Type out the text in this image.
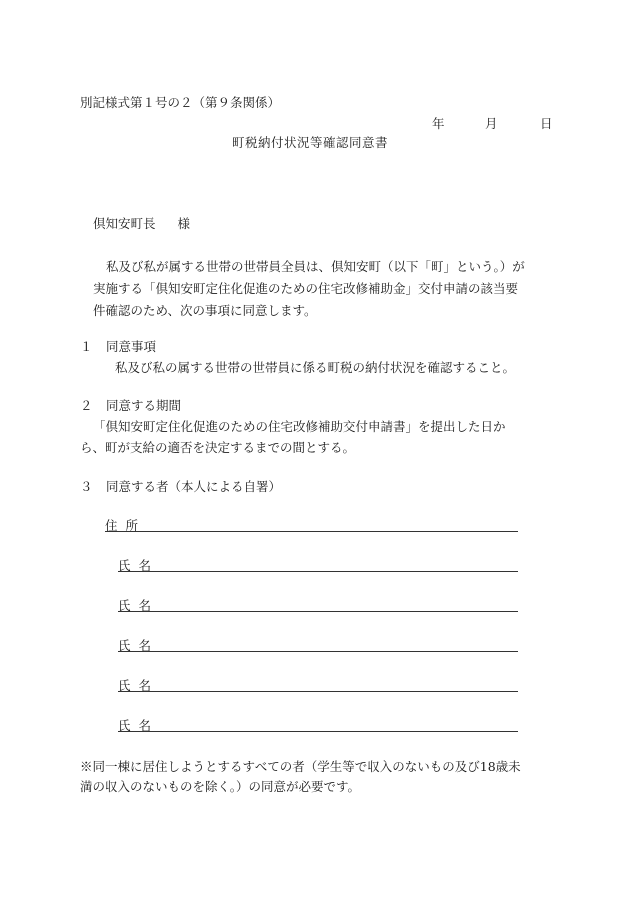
別記様式第１号の２（第９条関係）
年	月	日
町税納付状況等確認同意書
倶知安町長 様
私及び私が属する世帯の世帯員全員は、倶知安町（以下「町」という。）が
実施する「倶知安町定住化促進のための住宅改修補助金」交付申請の該当要
件確認のため、次の事項に同意します。
１ 同意事項
私及び私の属する世帯の世帯員に係る町税の納付状況を確認すること。
２ 同意する期間
「倶知安町定住化促進のための住宅改修補助交付申請書」を提出した日か
ら、町が支給の適否を決定するまでの間とする。
３ 同意する者（本人による自署）
住所
氏名
氏名
氏名
氏名
氏名
※同一棟に居住しようとするすべての者（学生等で収入のないもの及び18歳未
満の収入のないものを除く。）の同意が必要です。
